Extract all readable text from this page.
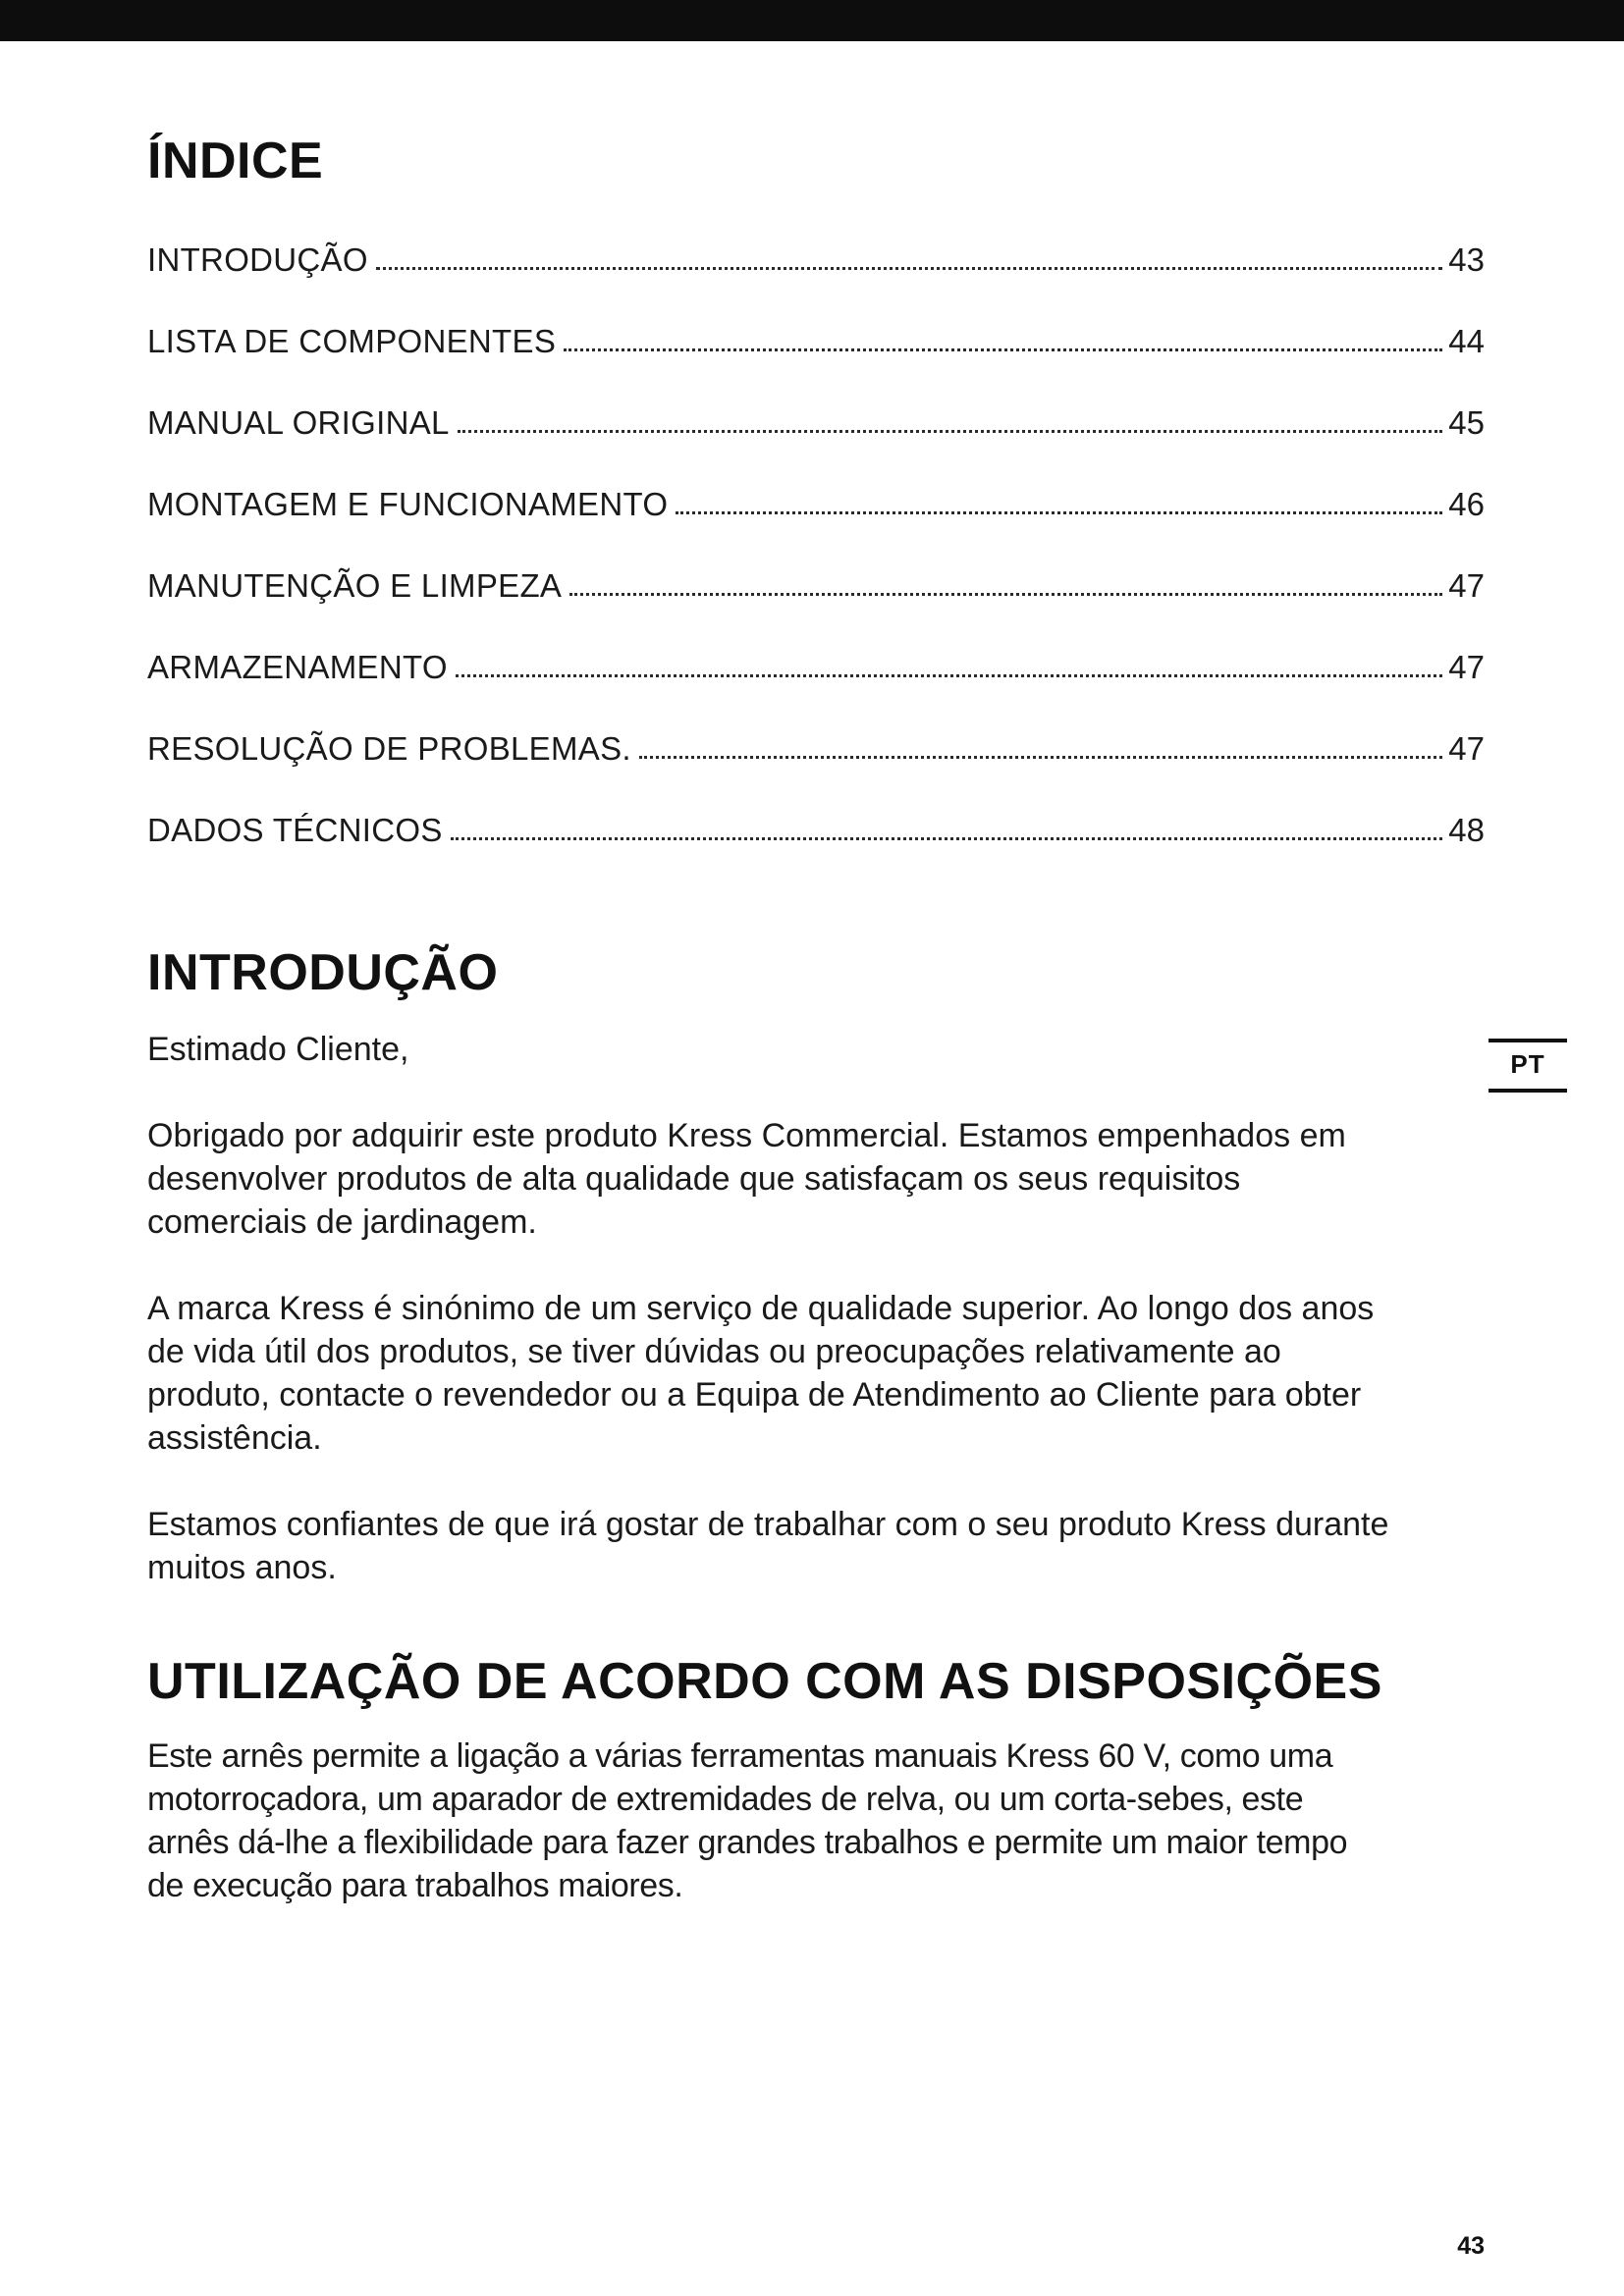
ÍNDICE
INTRODUÇÃO	43
LISTA DE COMPONENTES	44
MANUAL ORIGINAL	45
MONTAGEM E FUNCIONAMENTO	46
MANUTENÇÃO E LIMPEZA	47
ARMAZENAMENTO	47
RESOLUÇÃO DE PROBLEMAS.	47
DADOS TÉCNICOS	48
INTRODUÇÃO

Estimado Cliente,

Obrigado por adquirir este produto Kress Commercial. Estamos empenhados em desenvolver produtos de alta qualidade que satisfaçam os seus requisitos comerciais de jardinagem.

A marca Kress é sinónimo de um serviço de qualidade superior. Ao longo dos anos de vida útil dos produtos, se tiver dúvidas ou preocupações relativamente ao produto, contacte o revendedor ou a Equipa de Atendimento ao Cliente para obter assistência.

Estamos confiantes de que irá gostar de trabalhar com o seu produto Kress durante muitos anos.

UTILIZAÇÃO DE ACORDO COM AS DISPOSIÇÕES

Este arnês permite a ligação a várias ferramentas manuais Kress 60 V, como uma motorroçadora, um aparador de extremidades de relva, ou um corta-sebes, este arnês dá-lhe a flexibilidade para fazer grandes trabalhos e permite um maior tempo de execução para trabalhos maiores.

PT
43
